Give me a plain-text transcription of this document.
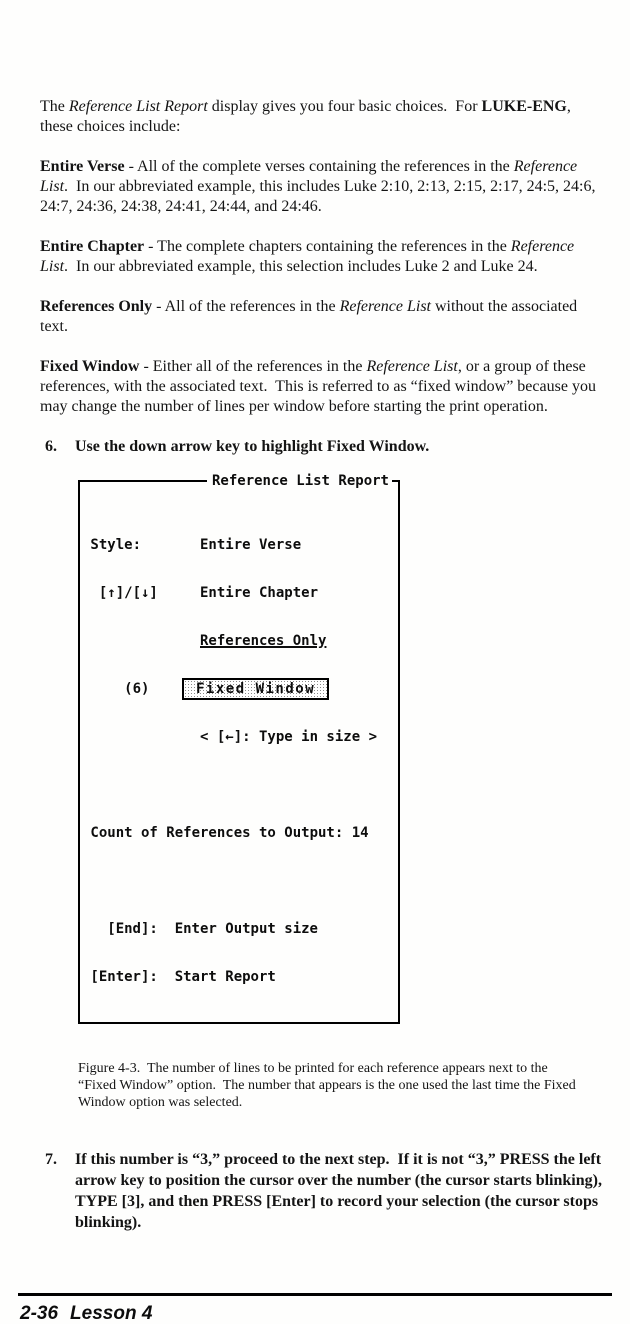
The Reference List Report display gives you four basic choices.  For LUKE-ENG, these choices include:

Entire Verse - All of the complete verses containing the references in the Reference List.  In our abbreviated example, this includes Luke 2:10, 2:13, 2:15, 2:17, 24:5, 24:6, 24:7, 24:36, 24:38, 24:41, 24:44, and 24:46.

Entire Chapter - The complete chapters containing the references in the Reference List.  In our abbreviated example, this selection includes Luke 2 and Luke 24.

References Only - All of the references in the Reference List without the associated text.

Fixed Window - Either all of the references in the Reference List, or a group of these references, with the associated text.  This is referred to as “fixed window” because you may change the number of lines per window before starting the print operation.

6.	Use the down arrow key to highlight Fixed Window.

Reference List Report

Style:	Entire Verse

[↑]/[↓]	Entire Chapter

References Only

(6)	Fixed Window

< [←]: Type in size >

Count of References to Output: 14

[End]: Enter Output size

[Enter]: Start Report

Figure 4-3.  The number of lines to be printed for each reference appears next to the “Fixed Window” option.  The number that appears is the one used the last time the Fixed Window option was selected.
7.	If this number is “3,” proceed to the next step.  If it is not “3,” PRESS the left arrow key to position the cursor over the number (the cursor starts blinking), TYPE [3], and then PRESS [Enter] to record your selection (the cursor stops blinking).
2-36 Lesson 4
